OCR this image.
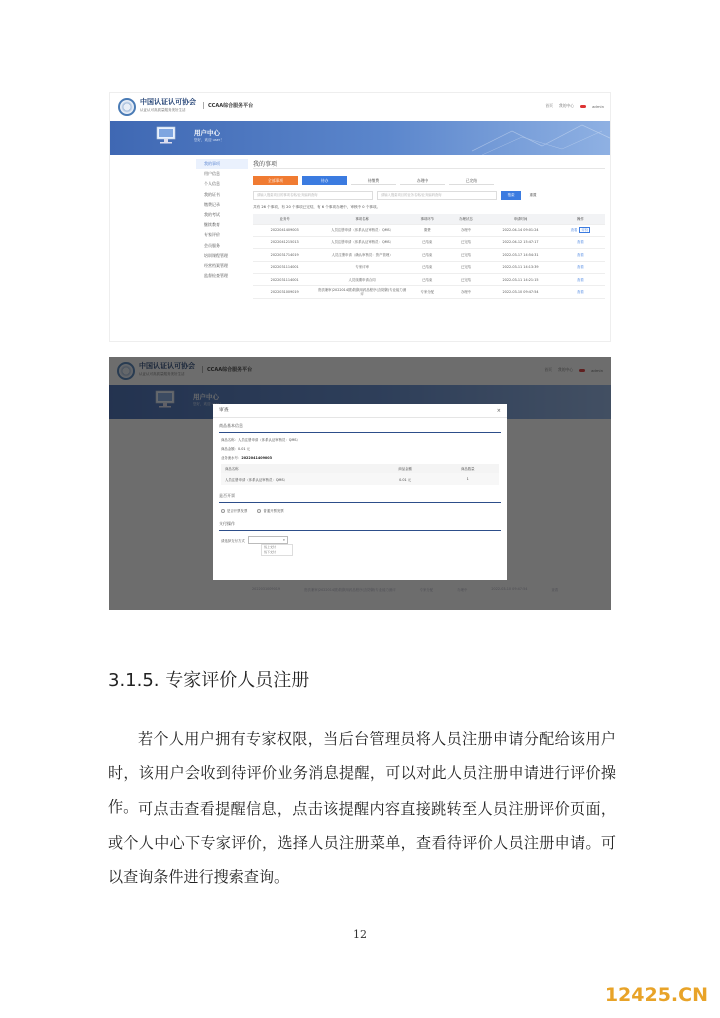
中国认证认可协会
认证认可高质量服务美好生活
CCAA综合服务平台	首页 我的中心	admin
用户中心
您好，欢迎 user！
我的事项
用户信息
个人信息
我的证书
缴费记录
我的考试
继续教育
专家评价
会员服务
培训课程管理
经营档案管理
监督检查管理
我的事项
全部事项	待办	待缴费	办理中	已完结
请输入搜索项目的事项名称/业务编码查询	请输入搜索项目的业务名称/业务编码查询	搜索	重置
共有 26 个事项，有 20 个事项已完结，有 6 个事项办理中，审核中 0 个事项。
业务号	事项名称	事项环节	办理状态	申请时间	操作
2022041409003	人员注册申请（体系认证审核员：QMS）	缴费	办理中	2022-04-14 09:01:24	查看 评价
2022041215013	人员注册申请（体系认证审核员：QMS）	已结束	已完结	2022-04-12 15:47:17	查看
2022031714019	人员注册申请（确认审核员：资产管理）	已结束	已完结	2022-03-17 14:54:31	查看
2022031114001	专家评审	已结束	已完结	2022-03-11 14:13:39	查看
2022031114001	人员续期申请合同	已结束	已完结	2022-03-11 14:21:15	查看
2022031009019	资质兼审(2022014期)防颤用药品程序(含防颤)专业能力测评	专家分配	办理中	2022-03-10 09:47:54	查看
审查	×
商品基本信息
商品名称：人员注册申请（体系认证审核员：QMS）
商品金额：0.01 元
业务流水号：2022041409003
商品名称	商品金额	商品数量
人员注册申请（体系认证审核员：QMS）	0.01 元	1
是否开票
是否开票发票	普通开票发票
支付操作
请选择支付方式	▾
线上支付
线下支付
3.1.5. 专家评价人员注册

若个人用户拥有专家权限，当后台管理员将人员注册申请分配给该用户时，该用户会收到待评价业务消息提醒，可以对此人员注册申请进行评价操作。 可点击查看提醒信息，点击该提醒内容直接跳转至人员注册评价页面，或个人中心下专家评价，选择人员注册菜单，查看待评价人员注册申请。可以查询条件进行搜索查询。

12
12425.CN
